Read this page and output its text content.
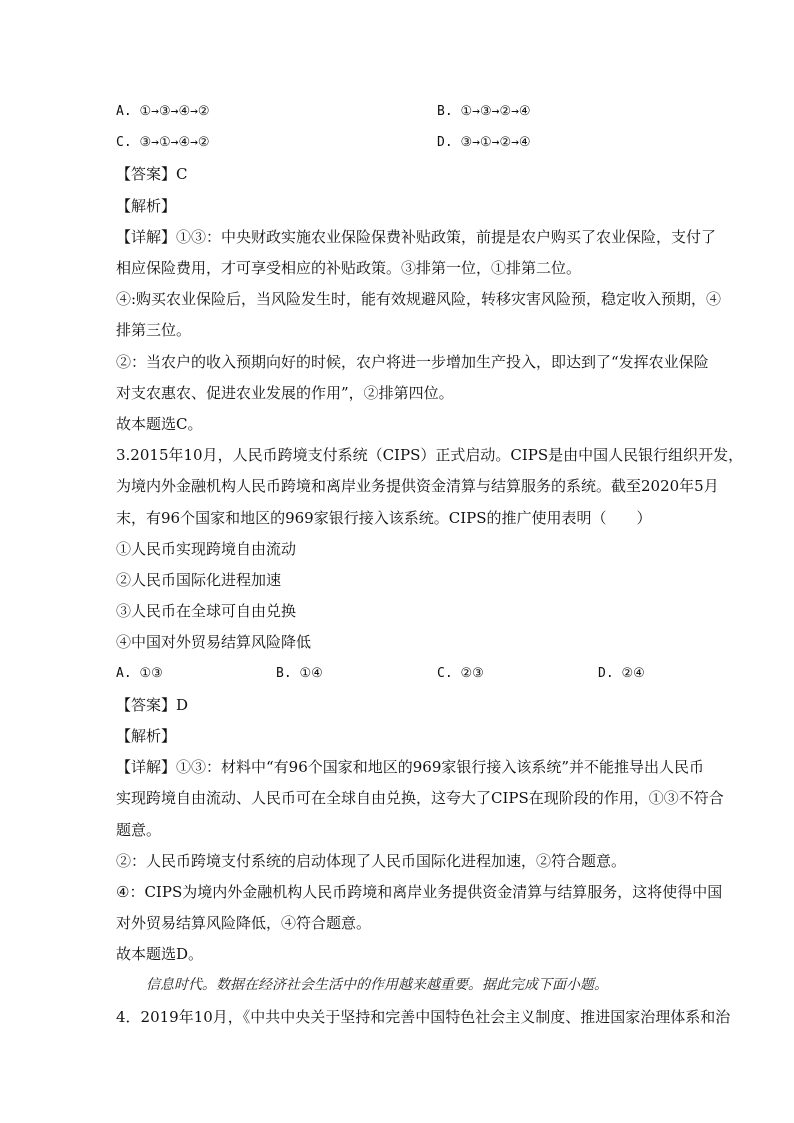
信息时代。数据在经济社会生活中的作用越来越重要。据此完成下面小题。
A. ①→③→④→②	B. ①→③→②→④
C. ③→①→④→②	D. ③→①→②→④
【答案】C
【解析】
【详解】①③：中央财政实施农业保险保费补贴政策，前提是农户购买了农业保险，支付了
相应保险费用，才可享受相应的补贴政策。③排第一位，①排第二位。
④:购买农业保险后，当风险发生时，能有效规避风险，转移灾害风险预，稳定收入预期，④
排第三位。
②：当农户的收入预期向好的时候，农户将进一步增加生产投入，即达到了“发挥农业保险
对支农惠农、促进农业发展的作用”，②排第四位。
故本题选C。
3.2015年10月，人民币跨境支付系统（CIPS）正式启动。CIPS是由中国人民银行组织开发，
为境内外金融机构人民币跨境和离岸业务提供资金清算与结算服务的系统。截至2020年5月
末，有96个国家和地区的969家银行接入该系统。CIPS的推广使用表明（　　）
①人民币实现跨境自由流动
②人民币国际化进程加速
③人民币在全球可自由兑换
④中国对外贸易结算风险降低
【答案】D
【解析】
【详解】①③：材料中“有96个国家和地区的969家银行接入该系统”并不能推导出人民币
实现跨境自由流动、人民币可在全球自由兑换，这夸大了CIPS在现阶段的作用，①③不符合
题意。
②：人民币跨境支付系统的启动体现了人民币国际化进程加速，②符合题意。
④：CIPS为境内外金融机构人民币跨境和离岸业务提供资金清算与结算服务，这将使得中国
对外贸易结算风险降低，④符合题意。
故本题选D。
4．2019年10月，《中共中央关于坚持和完善中国特色社会主义制度、推进国家治理体系和治
A. ①③	B. ①④	C. ②③	D. ②④
